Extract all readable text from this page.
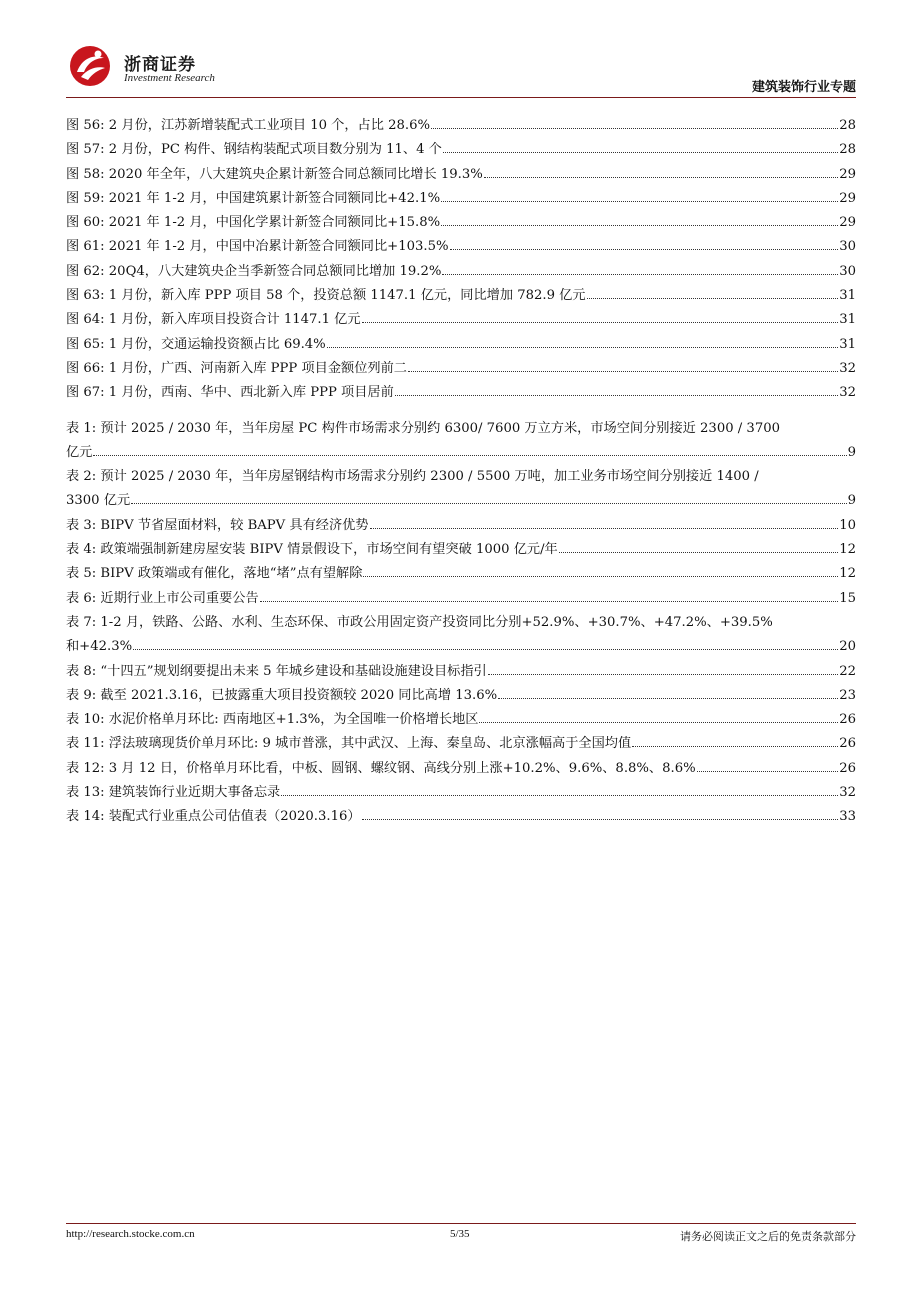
浙商证券
Investment Research
建筑装饰行业专题
图 56: 2 月份，江苏新增装配式工业项目 10 个，占比 28.6%	28
图 57: 2 月份，PC 构件、钢结构装配式项目数分别为 11、4 个	28
图 58: 2020 年全年，八大建筑央企累计新签合同总额同比增长 19.3%	29
图 59: 2021 年 1-2 月，中国建筑累计新签合同额同比+42.1%	29
图 60: 2021 年 1-2 月，中国化学累计新签合同额同比+15.8%	29
图 61: 2021 年 1-2 月，中国中冶累计新签合同额同比+103.5%	30
图 62: 20Q4，八大建筑央企当季新签合同总额同比增加 19.2%	30
图 63: 1 月份，新入库 PPP 项目 58 个，投资总额 1147.1 亿元，同比增加 782.9 亿元	31
图 64: 1 月份，新入库项目投资合计 1147.1 亿元	31
图 65: 1 月份，交通运输投资额占比 69.4%	31
图 66: 1 月份，广西、河南新入库 PPP 项目金额位列前二	32
图 67: 1 月份，西南、华中、西北新入库 PPP 项目居前	32
表 1: 预计 2025 / 2030 年，当年房屋 PC 构件市场需求分别约 6300/ 7600 万立方米，市场空间分别接近 2300 / 3700
亿元	9
表 2: 预计 2025 / 2030 年，当年房屋钢结构市场需求分别约 2300 / 5500 万吨，加工业务市场空间分别接近 1400 /
3300 亿元	9
表 3: BIPV 节省屋面材料，较 BAPV 具有经济优势	10
表 4: 政策端强制新建房屋安装 BIPV 情景假设下，市场空间有望突破 1000 亿元/年	12
表 5: BIPV 政策端或有催化，落地“堵”点有望解除	12
表 6: 近期行业上市公司重要公告	15
表 7: 1-2 月，铁路、公路、水利、生态环保、市政公用固定资产投资同比分别+52.9%、+30.7%、+47.2%、+39.5%
和+42.3%	20
表 8: “十四五”规划纲要提出未来 5 年城乡建设和基础设施建设目标指引	22
表 9: 截至 2021.3.16，已披露重大项目投资额较 2020 同比高增 13.6%	23
表 10: 水泥价格单月环比: 西南地区+1.3%，为全国唯一价格增长地区	26
表 11: 浮法玻璃现货价单月环比: 9 城市普涨，其中武汉、上海、秦皇岛、北京涨幅高于全国均值	26
表 12: 3 月 12 日，价格单月环比看，中板、圆钢、螺纹钢、高线分别上涨+10.2%、9.6%、8.8%、8.6%	26
表 13: 建筑装饰行业近期大事备忘录	32
表 14: 装配式行业重点公司估值表（2020.3.16）	33
http://research.stocke.com.cn	5/35	请务必阅读正文之后的免责条款部分
